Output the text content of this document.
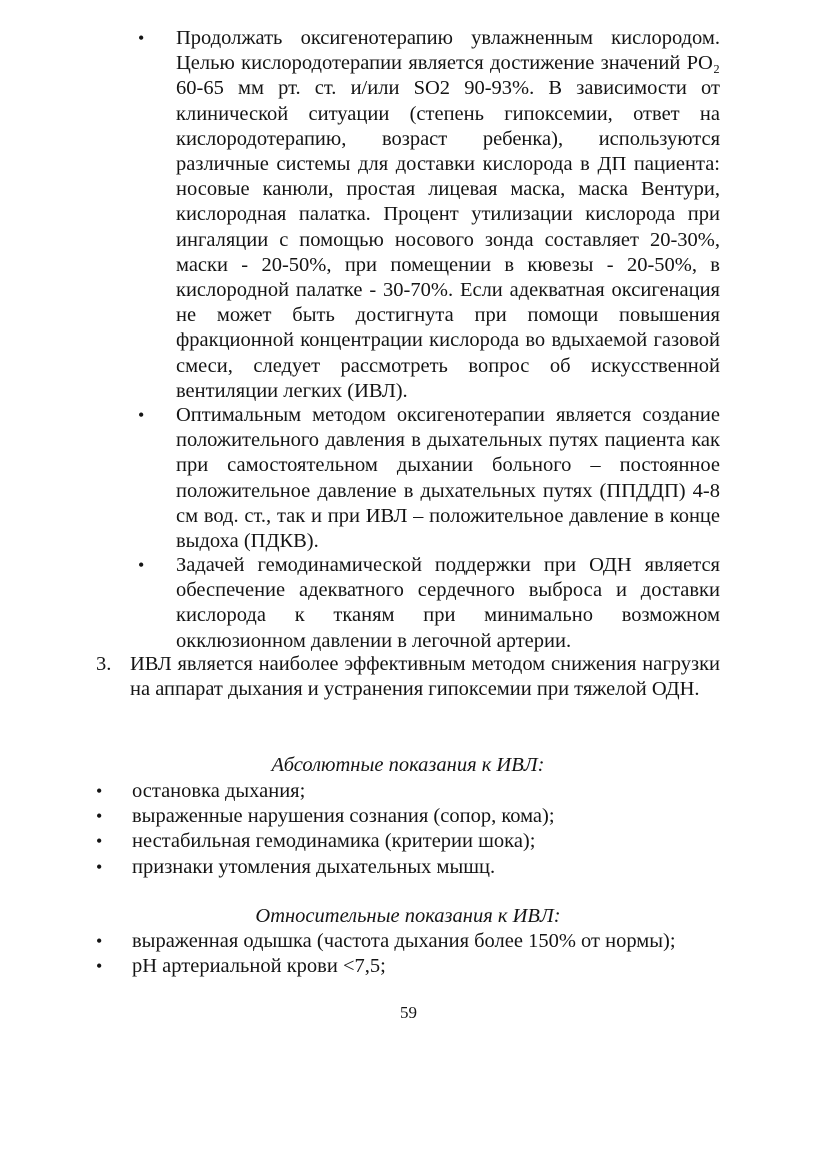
• Продолжать оксигенотерапию увлажненным кислородом. Целью кислородотерапии является достижение значений PO₂ 60-65 мм рт. ст. и/или SO2 90-93%. В зависимости от клинической ситуации (степень гипоксемии, ответ на кислородотерапию, возраст ребенка), используются различные системы для доставки кислорода в ДП пациента: носовые канюли, простая лицевая маска, маска Вентури, кислородная палатка. Процент утилизации кислорода при ингаляции с помощью носового зонда составляет 20-30%, маски - 20-50%, при помещении в кювезы - 20-50%, в кислородной палатке - 30-70%. Если адекватная оксигенация не может быть достигнута при помощи повышения фракционной концентрации кислорода во вдыхаемой газовой смеси, следует рассмотреть вопрос об искусственной вентиляции легких (ИВЛ).
• Оптимальным методом оксигенотерапии является создание положительного давления в дыхательных путях пациента как при самостоятельном дыхании больного – постоянное положительное давление в дыхательных путях (ППДДП) 4-8 см вод. ст., так и при ИВЛ – положительное давление в конце выдоха (ПДКВ).
• Задачей гемодинамической поддержки при ОДН является обеспечение адекватного сердечного выброса и доставки кислорода к тканям при минимально возможном окклюзионном давлении в легочной артерии.
3. ИВЛ является наиболее эффективным методом снижения нагрузки на аппарат дыхания и устранения гипоксемии при тяжелой ОДН.
Абсолютные показания к ИВЛ:
• остановка дыхания;
• выраженные нарушения сознания (сопор, кома);
• нестабильная гемодинамика (критерии шока);
• признаки утомления дыхательных мышц.
Относительные показания к ИВЛ:
• выраженная одышка (частота дыхания более 150% от нормы);
• pH артериальной крови <7,5;
59
